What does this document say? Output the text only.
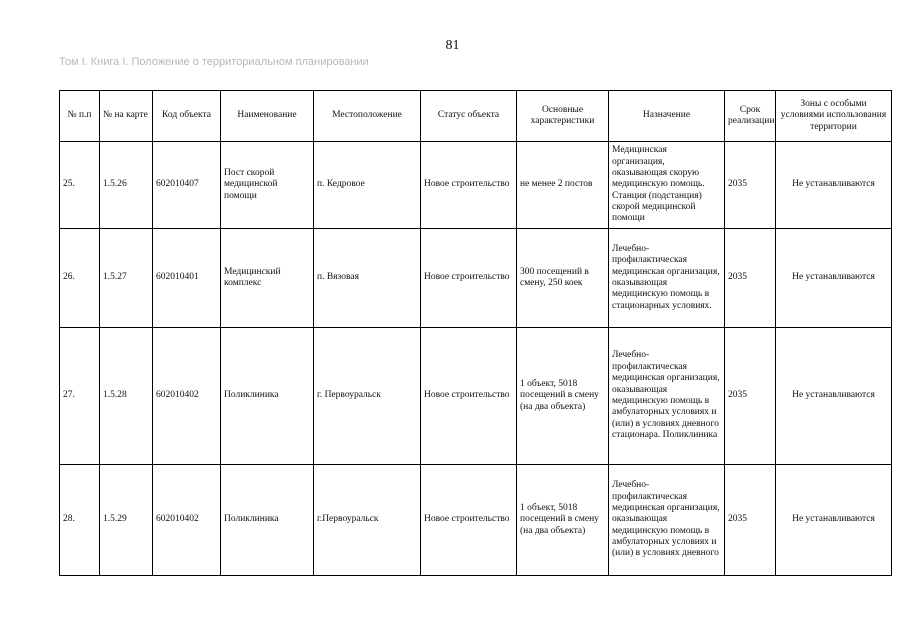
81
Том I. Книга I. Положение о территориальном планировании
№ п.п	№ на карте	Код объекта	Наименование	Местоположение	Статус объекта	Основные характеристики	Назначение	Срок реализации	Зоны с особыми условиями использования территории
25.	1.5.26	602010407	Пост скорой медицинской помощи	п. Кедровое	Новое строительство	не менее 2 постов	Медицинская организация, оказывающая скорую медицинскую помощь. Станция (подстанция) скорой медицинской помощи	2035	Не устанавливаются
26.	1.5.27	602010401	Медицинский комплекс	п. Вязовая	Новое строительство	300 посещений в смену, 250 коек	Лечебно-профилактическая медицинская организация, оказывающая медицинскую помощь в стационарных условиях.	2035	Не устанавливаются
27.	1.5.28	602010402	Поликлиника	г. Первоуральск	Новое строительство	1 объект, 5018 посещений в смену (на два объекта)	Лечебно-профилактическая медицинская организация, оказывающая медицинскую помощь в амбулаторных условиях и (или) в условиях дневного стационара. Поликлиника	2035	Не устанавливаются
28.	1.5.29	602010402	Поликлиника	г.Первоуральск	Новое строительство	1 объект, 5018 посещений в смену (на два объекта)	Лечебно-профилактическая медицинская организация, оказывающая медицинскую помощь в амбулаторных условиях и (или) в условиях дневного	2035	Не устанавливаются
